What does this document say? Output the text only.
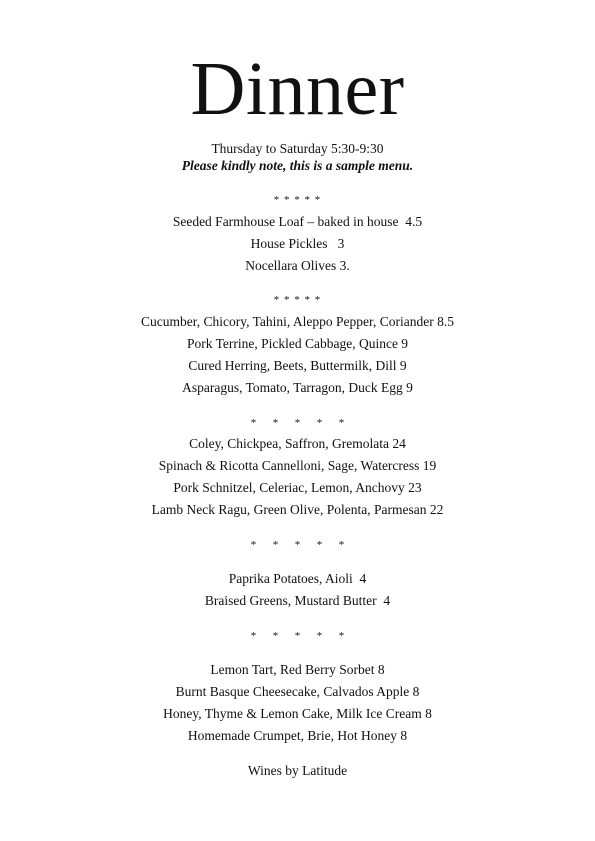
Dinner
Thursday to Saturday 5:30-9:30
Please kindly note, this is a sample menu.
* * * * *
Seeded Farmhouse Loaf – baked in house  4.5
House Pickles   3
Nocellara Olives 3.
* * * * *
Cucumber, Chicory, Tahini, Aleppo Pepper, Coriander 8.5
Pork Terrine, Pickled Cabbage, Quince 9
Cured Herring, Beets, Buttermilk, Dill 9
Asparagus, Tomato, Tarragon, Duck Egg 9
*      *      *      *      *
Coley, Chickpea, Saffron, Gremolata 24
Spinach & Ricotta Cannelloni, Sage, Watercress 19
Pork Schnitzel, Celeriac, Lemon, Anchovy 23
Lamb Neck Ragu, Green Olive, Polenta, Parmesan 22
*      *      *      *      *
Paprika Potatoes, Aioli  4
Braised Greens, Mustard Butter  4
*      *      *      *      *
Lemon Tart, Red Berry Sorbet 8
Burnt Basque Cheesecake, Calvados Apple 8
Honey, Thyme & Lemon Cake, Milk Ice Cream 8
Homemade Crumpet, Brie, Hot Honey 8
Wines by Latitude
